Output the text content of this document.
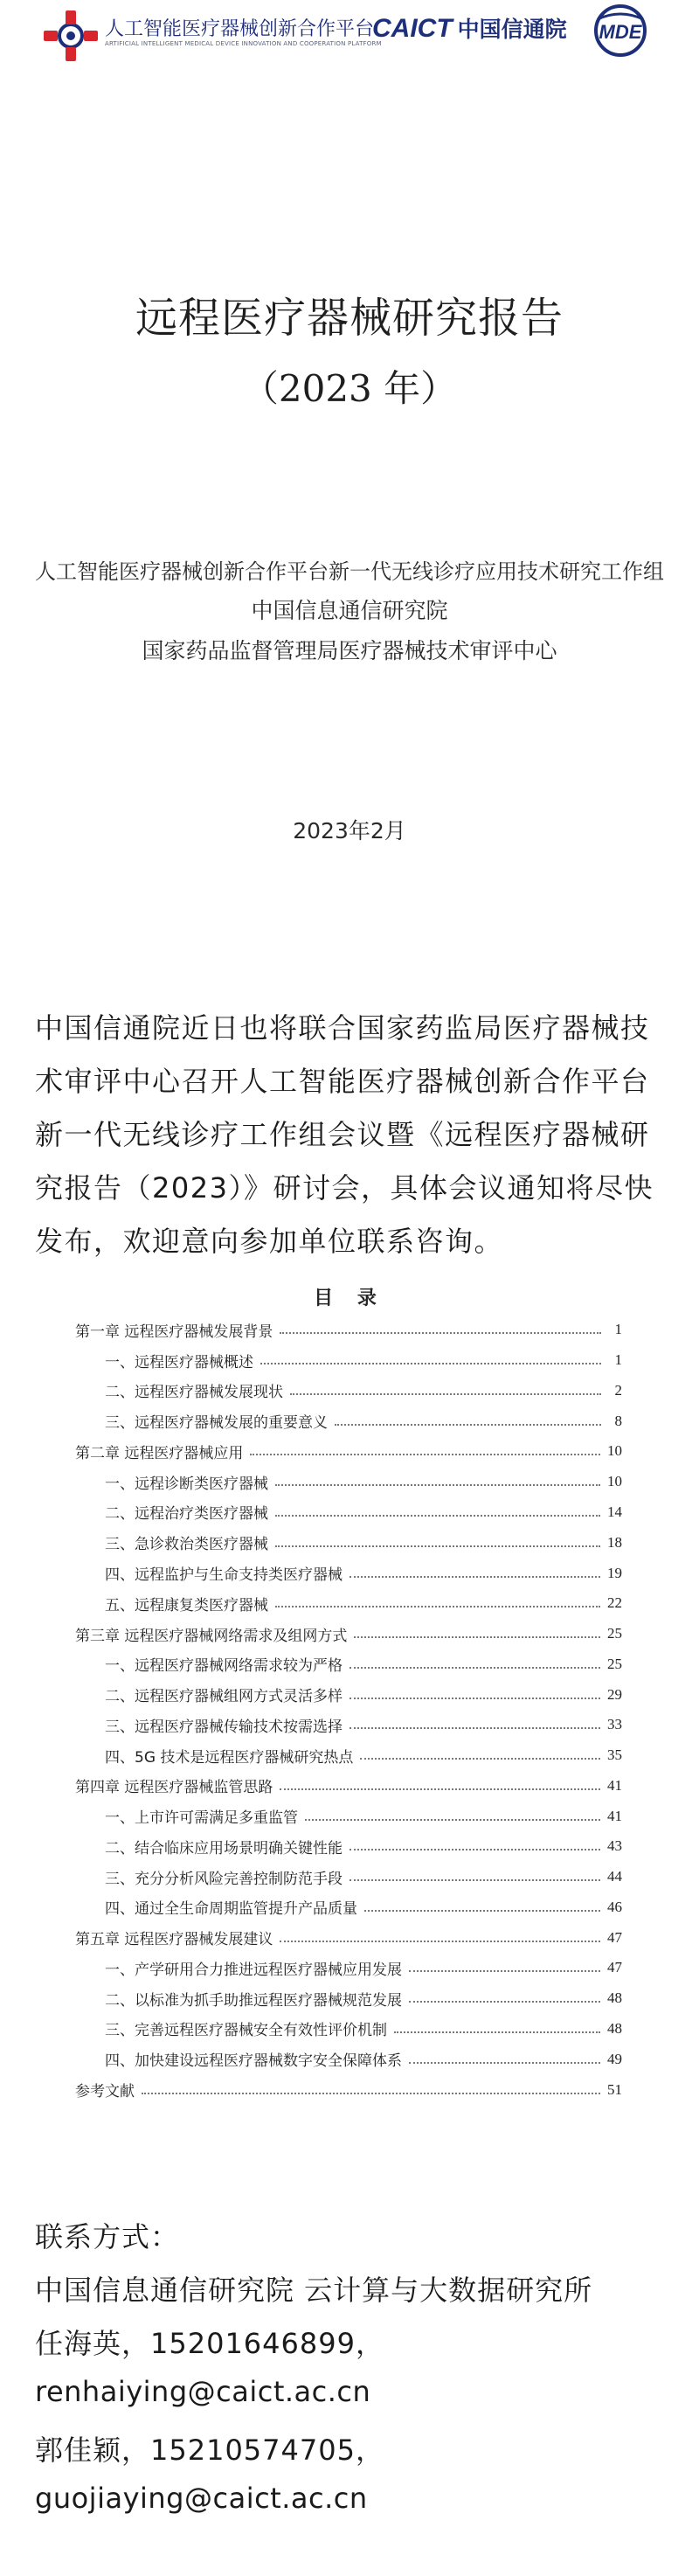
人工智能医疗器械创新合作平台
ARTIFICIAL INTELLIGENT MEDICAL DEVICE INNOVATION AND COOPERATION PLATFORM
CAICT 中国信通院	MDE
远程医疗器械研究报告
（2023 年）
人工智能医疗器械创新合作平台新一代无线诊疗应用技术研究工作组
中国信息通信研究院
国家药品监督管理局医疗器械技术审评中心
2023年2月

中国信通院近日也将联合国家药监局医疗器械技术审评中心召开人工智能医疗器械创新合作平台新一代无线诊疗工作组会议暨《远程医疗器械研究报告（2023）》研讨会，具体会议通知将尽快发布，欢迎意向参加单位联系咨询。

目 录
第一章 远程医疗器械发展背景	1
一、远程医疗器械概述	1
二、远程医疗器械发展现状	2
三、远程医疗器械发展的重要意义	8
第二章 远程医疗器械应用	10
一、远程诊断类医疗器械	10
二、远程治疗类医疗器械	14
三、急诊救治类医疗器械	18
四、远程监护与生命支持类医疗器械	19
五、远程康复类医疗器械	22
第三章 远程医疗器械网络需求及组网方式	25
一、远程医疗器械网络需求较为严格	25
二、远程医疗器械组网方式灵活多样	29
三、远程医疗器械传输技术按需选择	33
四、5G 技术是远程医疗器械研究热点	35
第四章 远程医疗器械监管思路	41
一、上市许可需满足多重监管	41
二、结合临床应用场景明确关键性能	43
三、充分分析风险完善控制防范手段	44
四、通过全生命周期监管提升产品质量	46
第五章 远程医疗器械发展建议	47
一、产学研用合力推进远程医疗器械应用发展	47
二、以标准为抓手助推远程医疗器械规范发展	48
三、完善远程医疗器械安全有效性评价机制	48
四、加快建设远程医疗器械数字安全保障体系	49
参考文献	51
联系方式：
中国信息通信研究院 云计算与大数据研究所
任海英，15201646899，
renhaiying@caict.ac.cn
郭佳颖，15210574705，
guojiaying@caict.ac.cn
